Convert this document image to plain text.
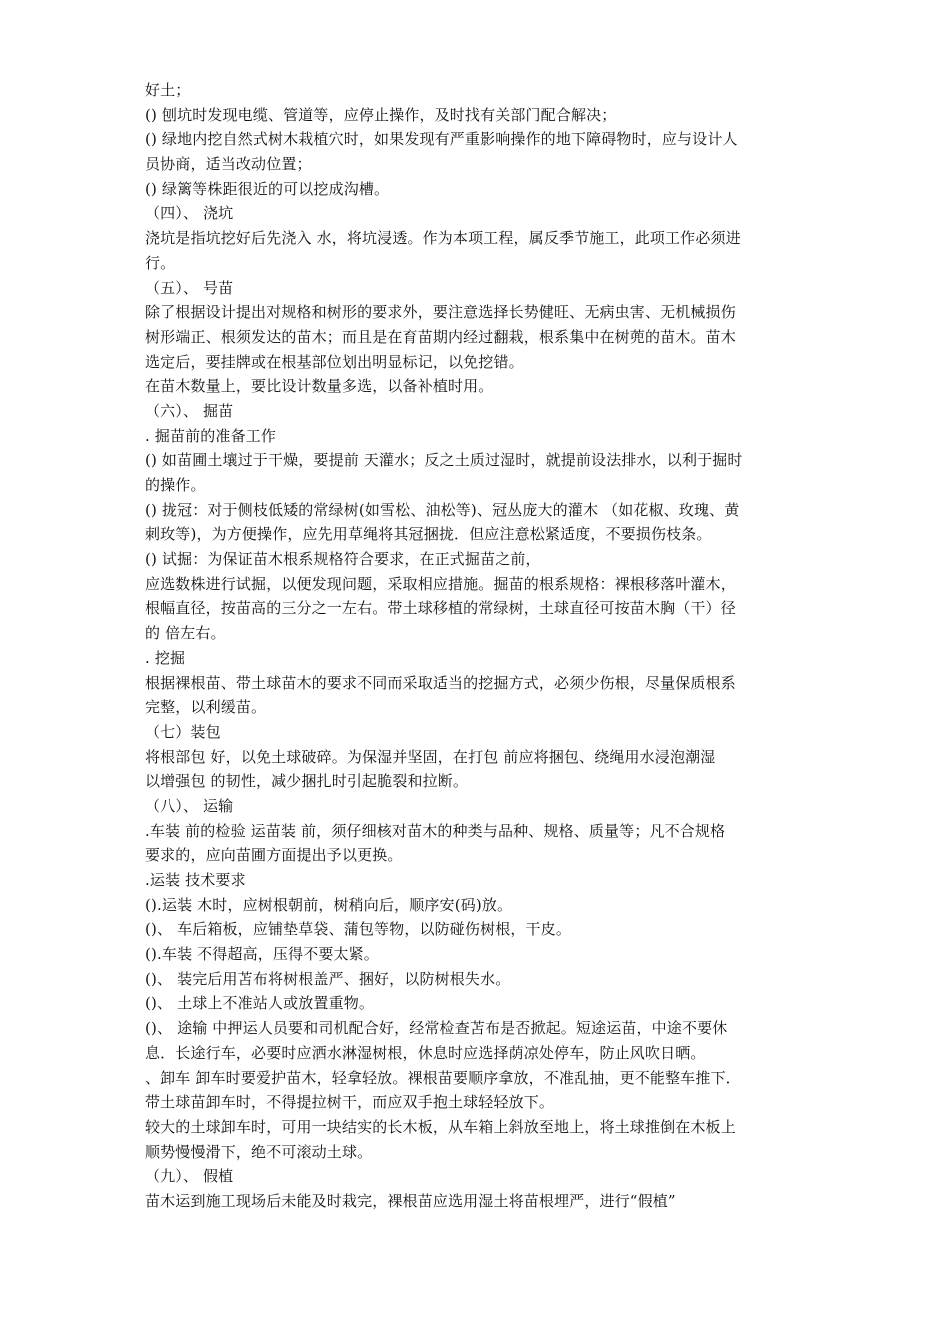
好土；
() 刨坑时发现电缆、管道等，应停止操作，及时找有关部门配合解决；
() 绿地内挖自然式树木栽植穴时，如果发现有严重影响操作的地下障碍物时，应与设计人
员协商，适当改动位置；
() 绿篱等株距很近的可以挖成沟槽。
（四）、 浇坑
浇坑是指坑挖好后先浇入 水，将坑浸透。作为本项工程，属反季节施工，此项工作必须进
行。
（五）、 号苗
除了根据设计提出对规格和树形的要求外，要注意选择长势健旺、无病虫害、无机械损伤
树形端正、根须发达的苗木；而且是在育苗期内经过翻栽，根系集中在树蔸的苗木。苗木
选定后，要挂牌或在根基部位划出明显标记，以免挖错。
在苗木数量上，要比设计数量多选，以备补植时用。
（六）、 掘苗
. 掘苗前的准备工作
() 如苗圃土壤过于干燥，要提前 天灌水；反之土质过湿时，就提前设法排水，以利于掘时
的操作。
() 拢冠：对于侧枝低矮的常绿树(如雪松、油松等)、冠丛庞大的灌木 （如花椒、玫瑰、黄
刺玫等)，为方便操作，应先用草绳将其冠捆拢．但应注意松紧适度，不要损伤枝条。
() 试掘：为保证苗木根系规格符合要求，在正式掘苗之前，
应选数株进行试掘，以便发现问题，采取相应措施。掘苗的根系规格：裸根移落叶灌木，
根幅直径，按苗高的三分之一左右。带土球移植的常绿树，土球直径可按苗木胸（干）径
的 倍左右。
. 挖掘
根据裸根苗、带土球苗木的要求不同而采取适当的挖掘方式，必须少伤根，尽量保质根系
完整，以利缓苗。
（七）装包
将根部包 好，以免土球破碎。为保湿并坚固，在打包 前应将捆包、绕绳用水浸泡潮湿
以增强包 的韧性，减少捆扎时引起脆裂和拉断。
（八）、 运输
.车装 前的检验 运苗装 前，须仔细核对苗木的种类与品种、规格、质量等；凡不合规格
要求的，应向苗圃方面提出予以更换。
.运装 技术要求
().运装 木时，应树根朝前，树稍向后，顺序安(码)放。
()、 车后箱板，应铺垫草袋、蒲包等物，以防碰伤树根，干皮。
().车装 不得超高，压得不要太紧。
()、 装完后用苫布将树根盖严、捆好，以防树根失水。
()、 土球上不准站人或放置重物。
()、 途输 中押运人员要和司机配合好，经常检查苫布是否掀起。短途运苗，中途不要休
息．长途行车，必要时应洒水淋湿树根，休息时应选择荫凉处停车，防止风吹日晒。
、卸车 卸车时要爱护苗木，轻拿轻放。裸根苗要顺序拿放，不准乱抽，更不能整车推下．
带土球苗卸车时，不得提拉树干，而应双手抱土球轻轻放下。
较大的土球卸车时，可用一块结实的长木板，从车箱上斜放至地上，将土球推倒在木板上
顺势慢慢滑下，绝不可滚动土球。
（九）、 假植
苗木运到施工现场后未能及时栽完，裸根苗应选用湿土将苗根埋严，进行“假植”
